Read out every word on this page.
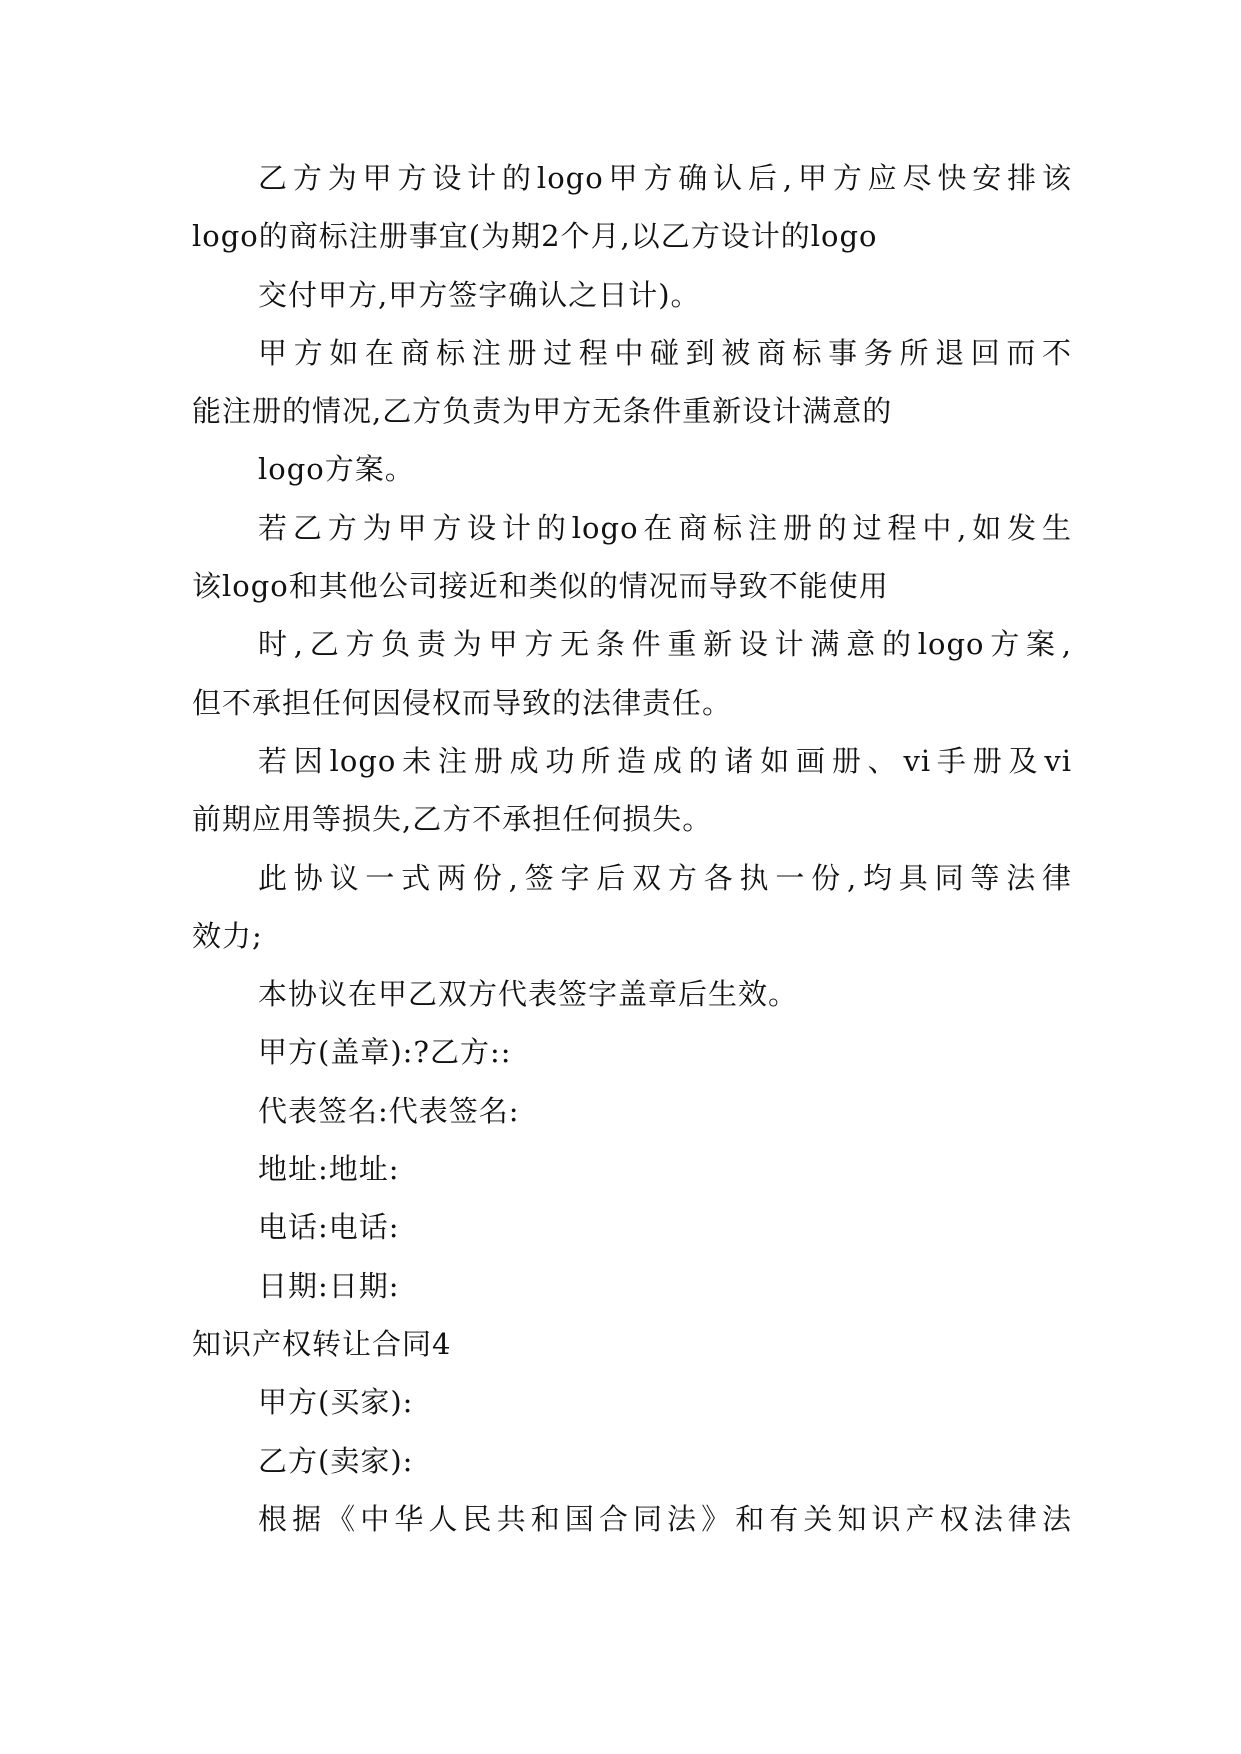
乙方为甲方设计的logo甲方确认后,甲方应尽快安排该
logo的商标注册事宜(为期2个月,以乙方设计的logo
交付甲方,甲方签字确认之日计)。
甲方如在商标注册过程中碰到被商标事务所退回而不
能注册的情况,乙方负责为甲方无条件重新设计满意的
logo方案。
若乙方为甲方设计的logo在商标注册的过程中,如发生
该logo和其他公司接近和类似的情况而导致不能使用
时,乙方负责为甲方无条件重新设计满意的logo方案,
但不承担任何因侵权而导致的法律责任。
若因logo未注册成功所造成的诸如画册、vi手册及vi
前期应用等损失,乙方不承担任何损失。
此协议一式两份,签字后双方各执一份,均具同等法律
效力;
本协议在甲乙双方代表签字盖章后生效。
甲方(盖章):?乙方::
代表签名:代表签名:
地址:地址:
电话:电话:
日期:日期:
知识产权转让合同4
甲方(买家):
乙方(卖家):
根据《中华人民共和国合同法》和有关知识产权法律法
